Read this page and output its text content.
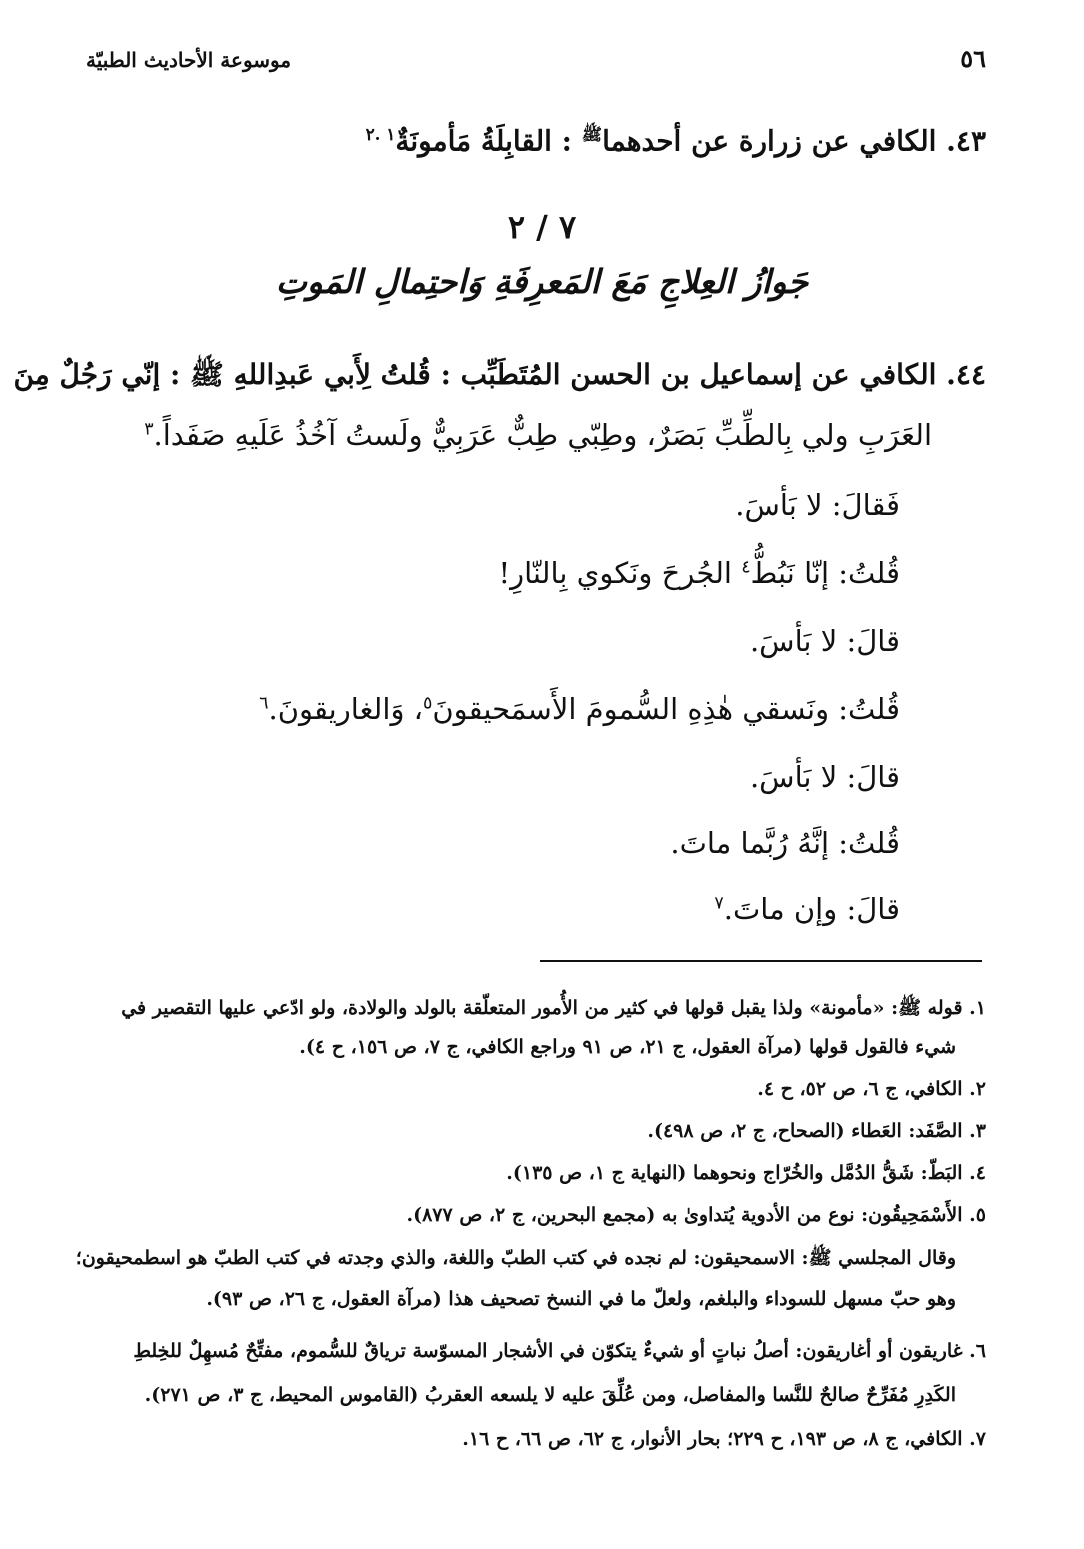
٥٦
موسوعة الأحاديث الطبيّة
٤٣. الكافي عن زرارة عن أحدهما$^ﷺ$ : القابِلَةُ مَأمونَةٌ$^{١ .٢}$
٧ / ٢
جَوازُ العِلاجِ مَعَ المَعرِفَةِ وَاحتِمالِ المَوتِ
٤٤. الكافي عن إسماعيل بن الحسن المُتَطَبِّب : قُلتُ لِأَبي عَبدِاللهِ ﷺ : إنّي رَجُلٌ مِنَ
العَرَبِ ولي بِالطِّبِّ بَصَرٌ، وطِبّي طِبٌّ عَرَبِيٌّ ولَستُ آخُذُ عَلَيهِ صَفَداً.$^٣$
فَقالَ: لا بَأسَ.
قُلتُ: إنّا نَبُطُّ$^٤$ الجُرحَ ونَكوي بِالنّارِ!
قالَ: لا بَأسَ.
قُلتُ: ونَسقي هٰذِهِ السُّمومَ الأَسمَحيقونَ$^٥$، وَالغاريقونَ.$^٦$
قالَ: لا بَأسَ.
قُلتُ: إنَّهُ رُبَّما ماتَ.
قالَ: وإن ماتَ.$^٧$
١. قوله ﷺ: «مأمونة» ولذا يقبل قولها في كثير من الأُمور المتعلّقة بالولد والولادة، ولو ادّعي عليها التقصير في
شيء فالقول قولها (مرآة العقول، ج ٢١، ص ٩١ وراجع الكافي، ج ٧، ص ١٥٦، ح ٤).
٢. الكافي، ج ٦، ص ٥٢، ح ٤.
٣. الصَّفَد: العَطاء (الصحاح، ج ٢، ص ٤٩٨).
٤. البَطّ: شَقُّ الدُمَّل والخُرّاج ونحوهما (النهاية ج ١، ص ١٣٥).
٥. الأَسْمَحِيقُون: نوع من الأدوية يُتداوىٰ به (مجمع البحرين، ج ٢، ص ٨٧٧).
وقال المجلسي ﷺ: الاسمحيقون: لم نجده في كتب الطبّ واللغة، والذي وجدته في كتب الطبّ هو اسطمحيقون؛
وهو حبّ مسهل للسوداء والبلغم، ولعلّ ما في النسخ تصحيف هذا (مرآة العقول، ج ٢٦، ص ٩٣).
٦. غاريقون أو أغاريقون: أصلُ نباتٍ أو شيءٌ يتكوّن في الأشجار المسوّسة ترياقٌ للسُّموم، مفتِّحٌ مُسهِلٌ للخِلطِ
الكَدِرِ مُفَرِّحٌ صالحٌ للنَّسا والمفاصل، ومن عُلِّقَ عليه لا يلسعه العقربُ (القاموس المحيط، ج ٣، ص ٢٧١).
٧. الكافي، ج ٨، ص ١٩٣، ح ٢٢٩؛ بحار الأنوار، ج ٦٢، ص ٦٦، ح ١٦.
